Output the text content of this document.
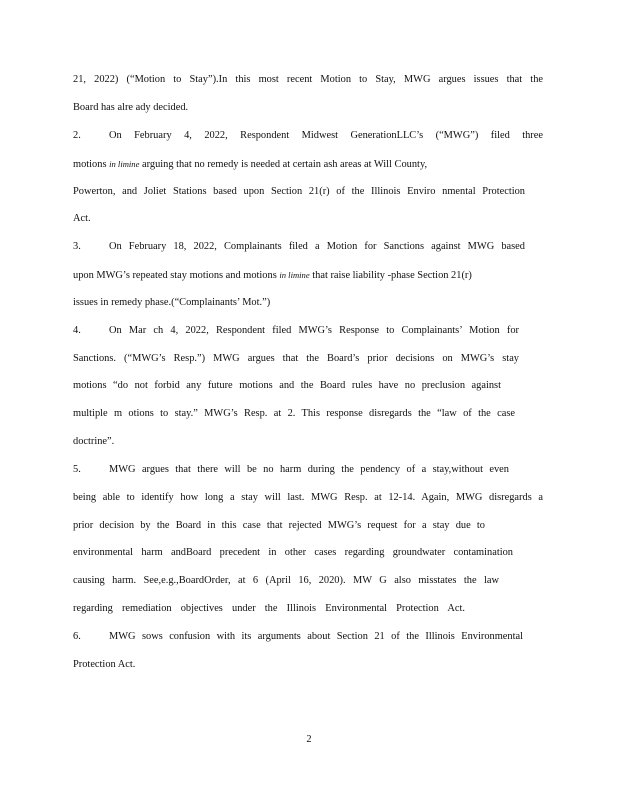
21, 2022) (“Motion to Stay”).In this most recent Motion to Stay, MWG argues issues that the
Board has alre ady decided.
2.	On February 4, 2022, Respondent Midwest GenerationLLC’s (“MWG”) filed three
motions in limine arguing that no remedy is needed at certain ash areas at Will County,
Powerton, and Joliet Stations based upon Section 21(r) of the Illinois Enviro nmental Protection
Act.
3.	On February 18, 2022, Complainants filed a Motion for Sanctions against MWG based
upon MWG’s repeated stay motions and motions in limine that raise liability -phase Section 21(r)
issues in remedy phase.(“Complainants’ Mot.”)
4.	On Mar ch 4, 2022, Respondent filed MWG’s Response to Complainants’ Motion for
Sanctions. (“MWG’s Resp.”) MWG argues that the Board’s prior decisions on MWG’s stay
motions “do not forbid any future motions and the Board rules have no preclusion against
multiple m otions to stay.” MWG’s Resp. at 2. This response disregards the “law of the case
doctrine”.
5.	MWG argues that there will be no harm during the pendency of a stay,without even
being able to identify how long a stay will last. MWG Resp. at 12-14. Again, MWG disregards a
prior decision by the Board in this case that rejected MWG’s request for a stay due to
environmental harm andBoard precedent in other cases regarding groundwater contamination
causing harm. See,e.g.,BoardOrder, at 6 (April 16, 2020). MW G also misstates the law
regarding remediation objectives under the Illinois Environmental Protection Act.
6.	MWG sows confusion with its arguments about Section 21 of the Illinois Environmental
Protection Act.
2
